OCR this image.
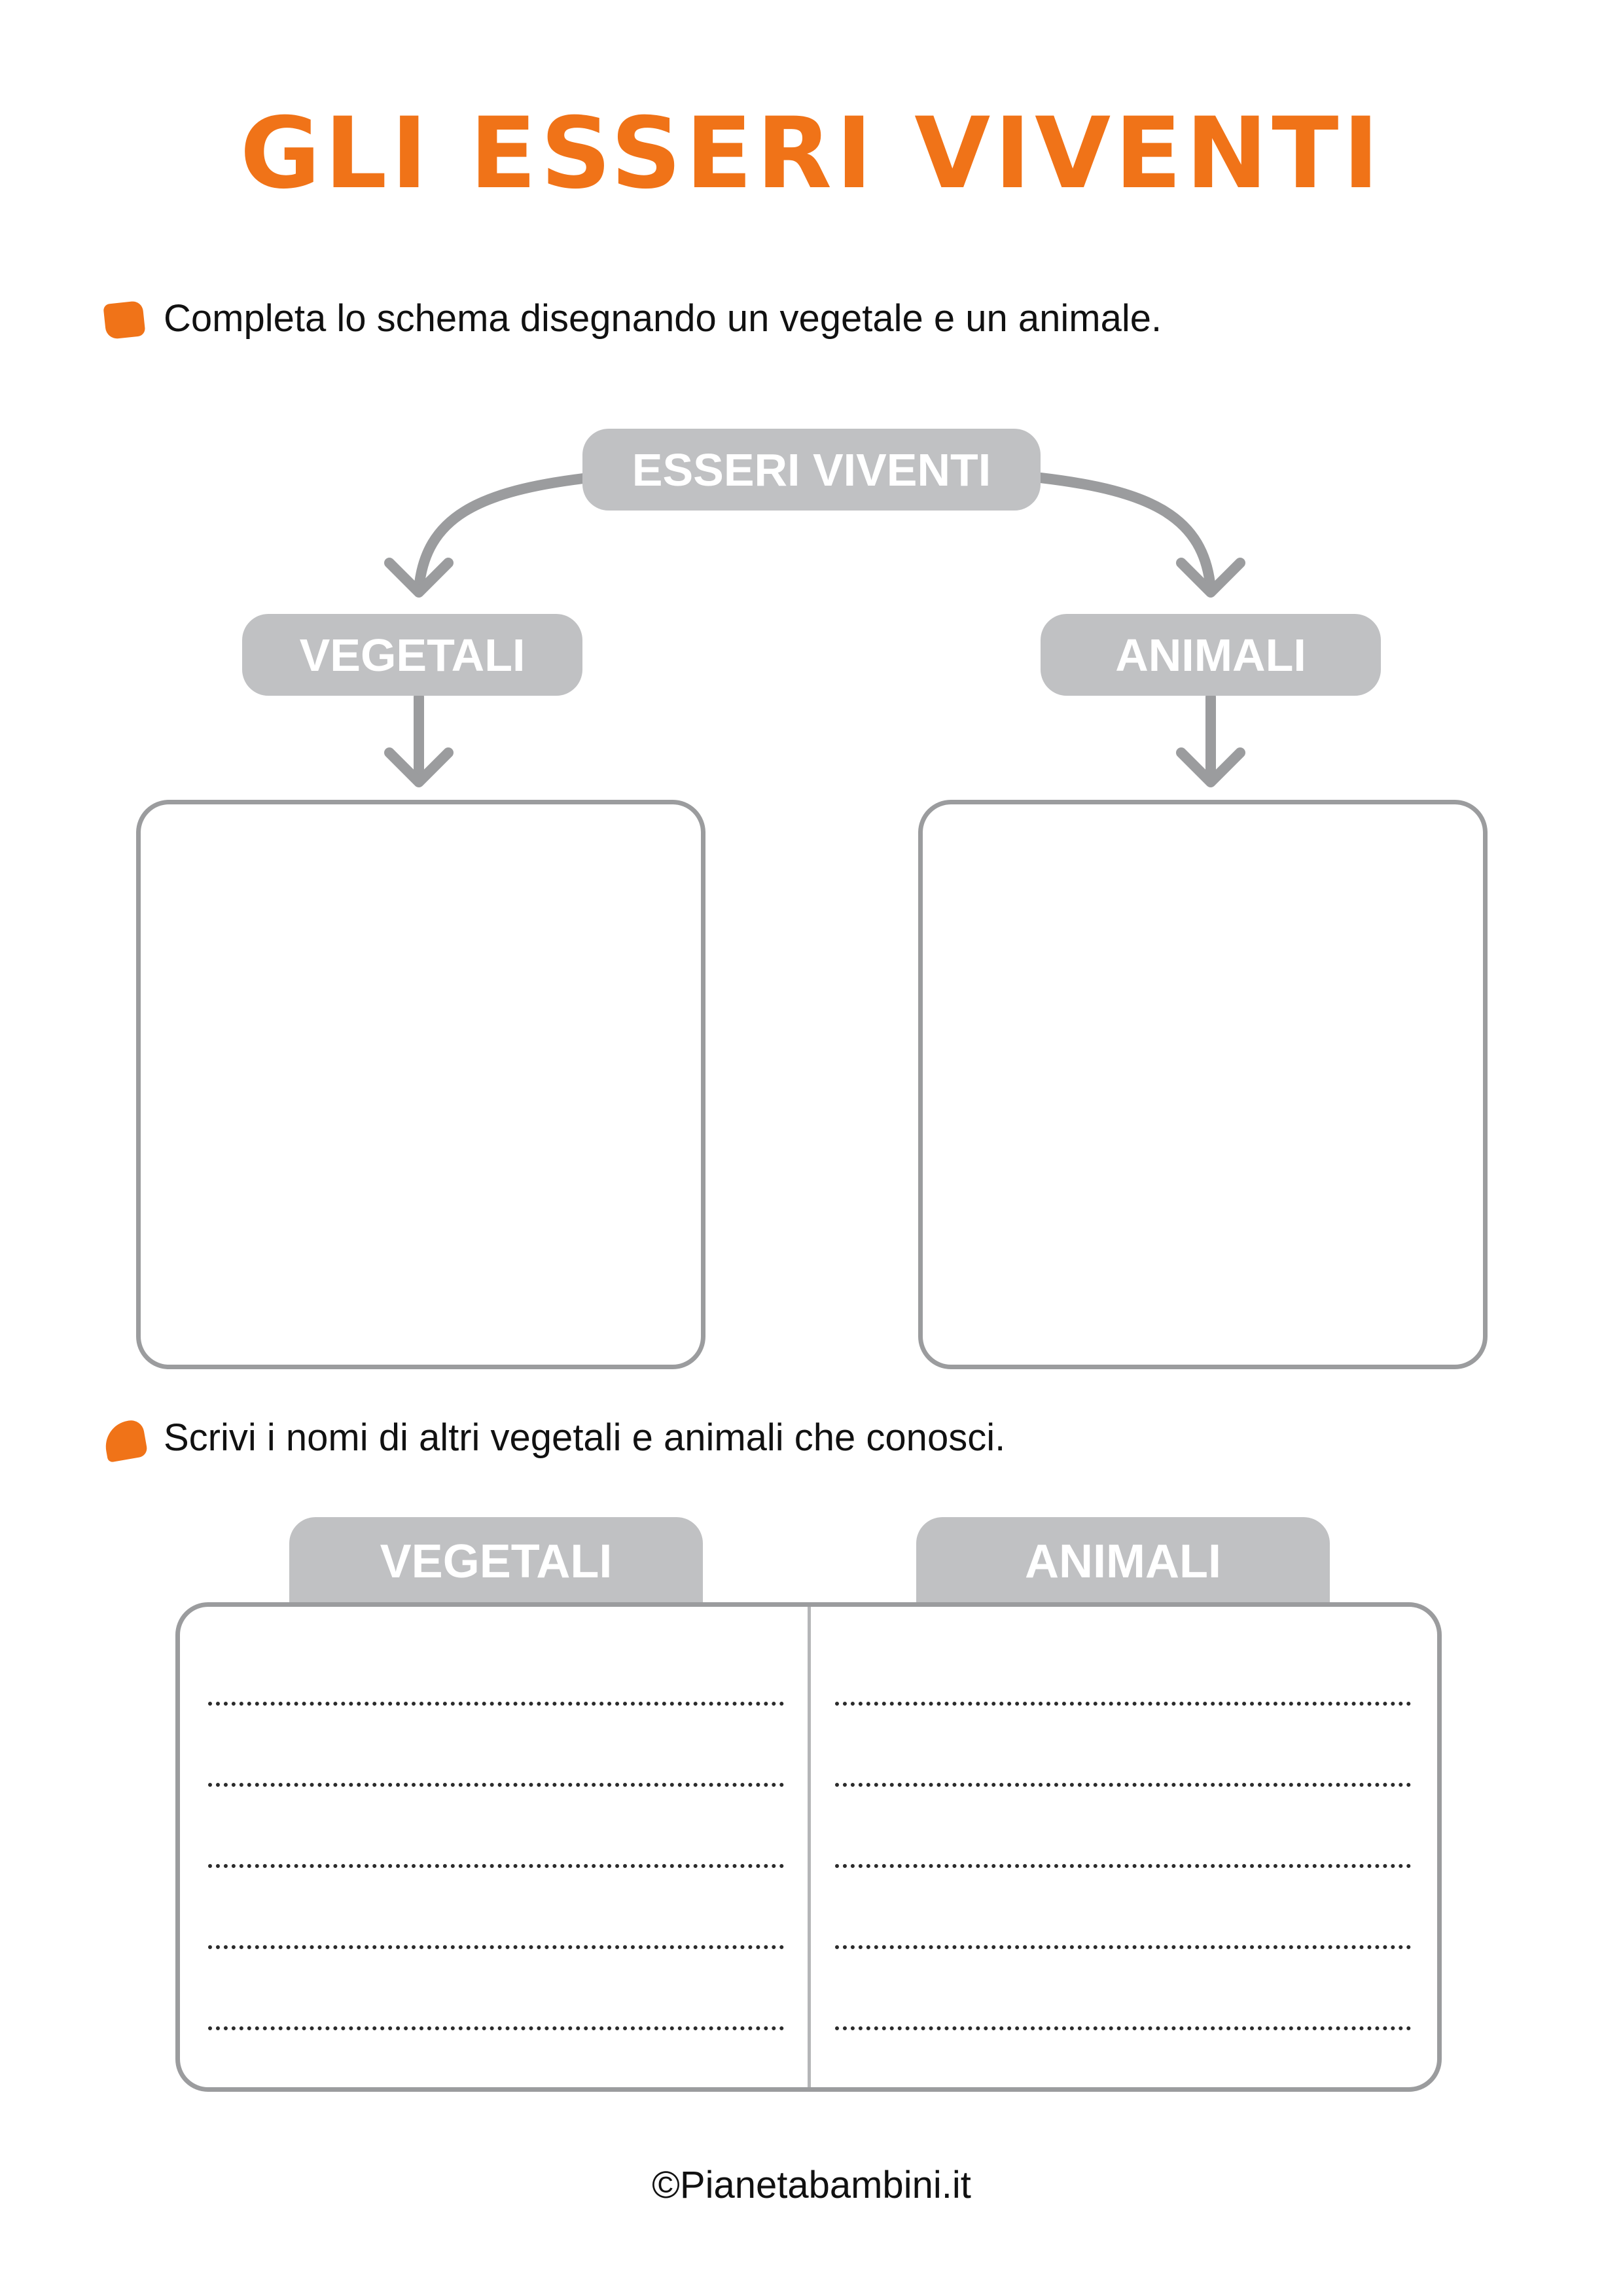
GLI ESSERI VIVENTI
Completa lo schema disegnando un vegetale e un animale.
ESSERI VIVENTI
VEGETALI	ANIMALI
Scrivi i nomi di altri vegetali e animali che conosci.
VEGETALI	ANIMALI
©Pianetabambini.it
